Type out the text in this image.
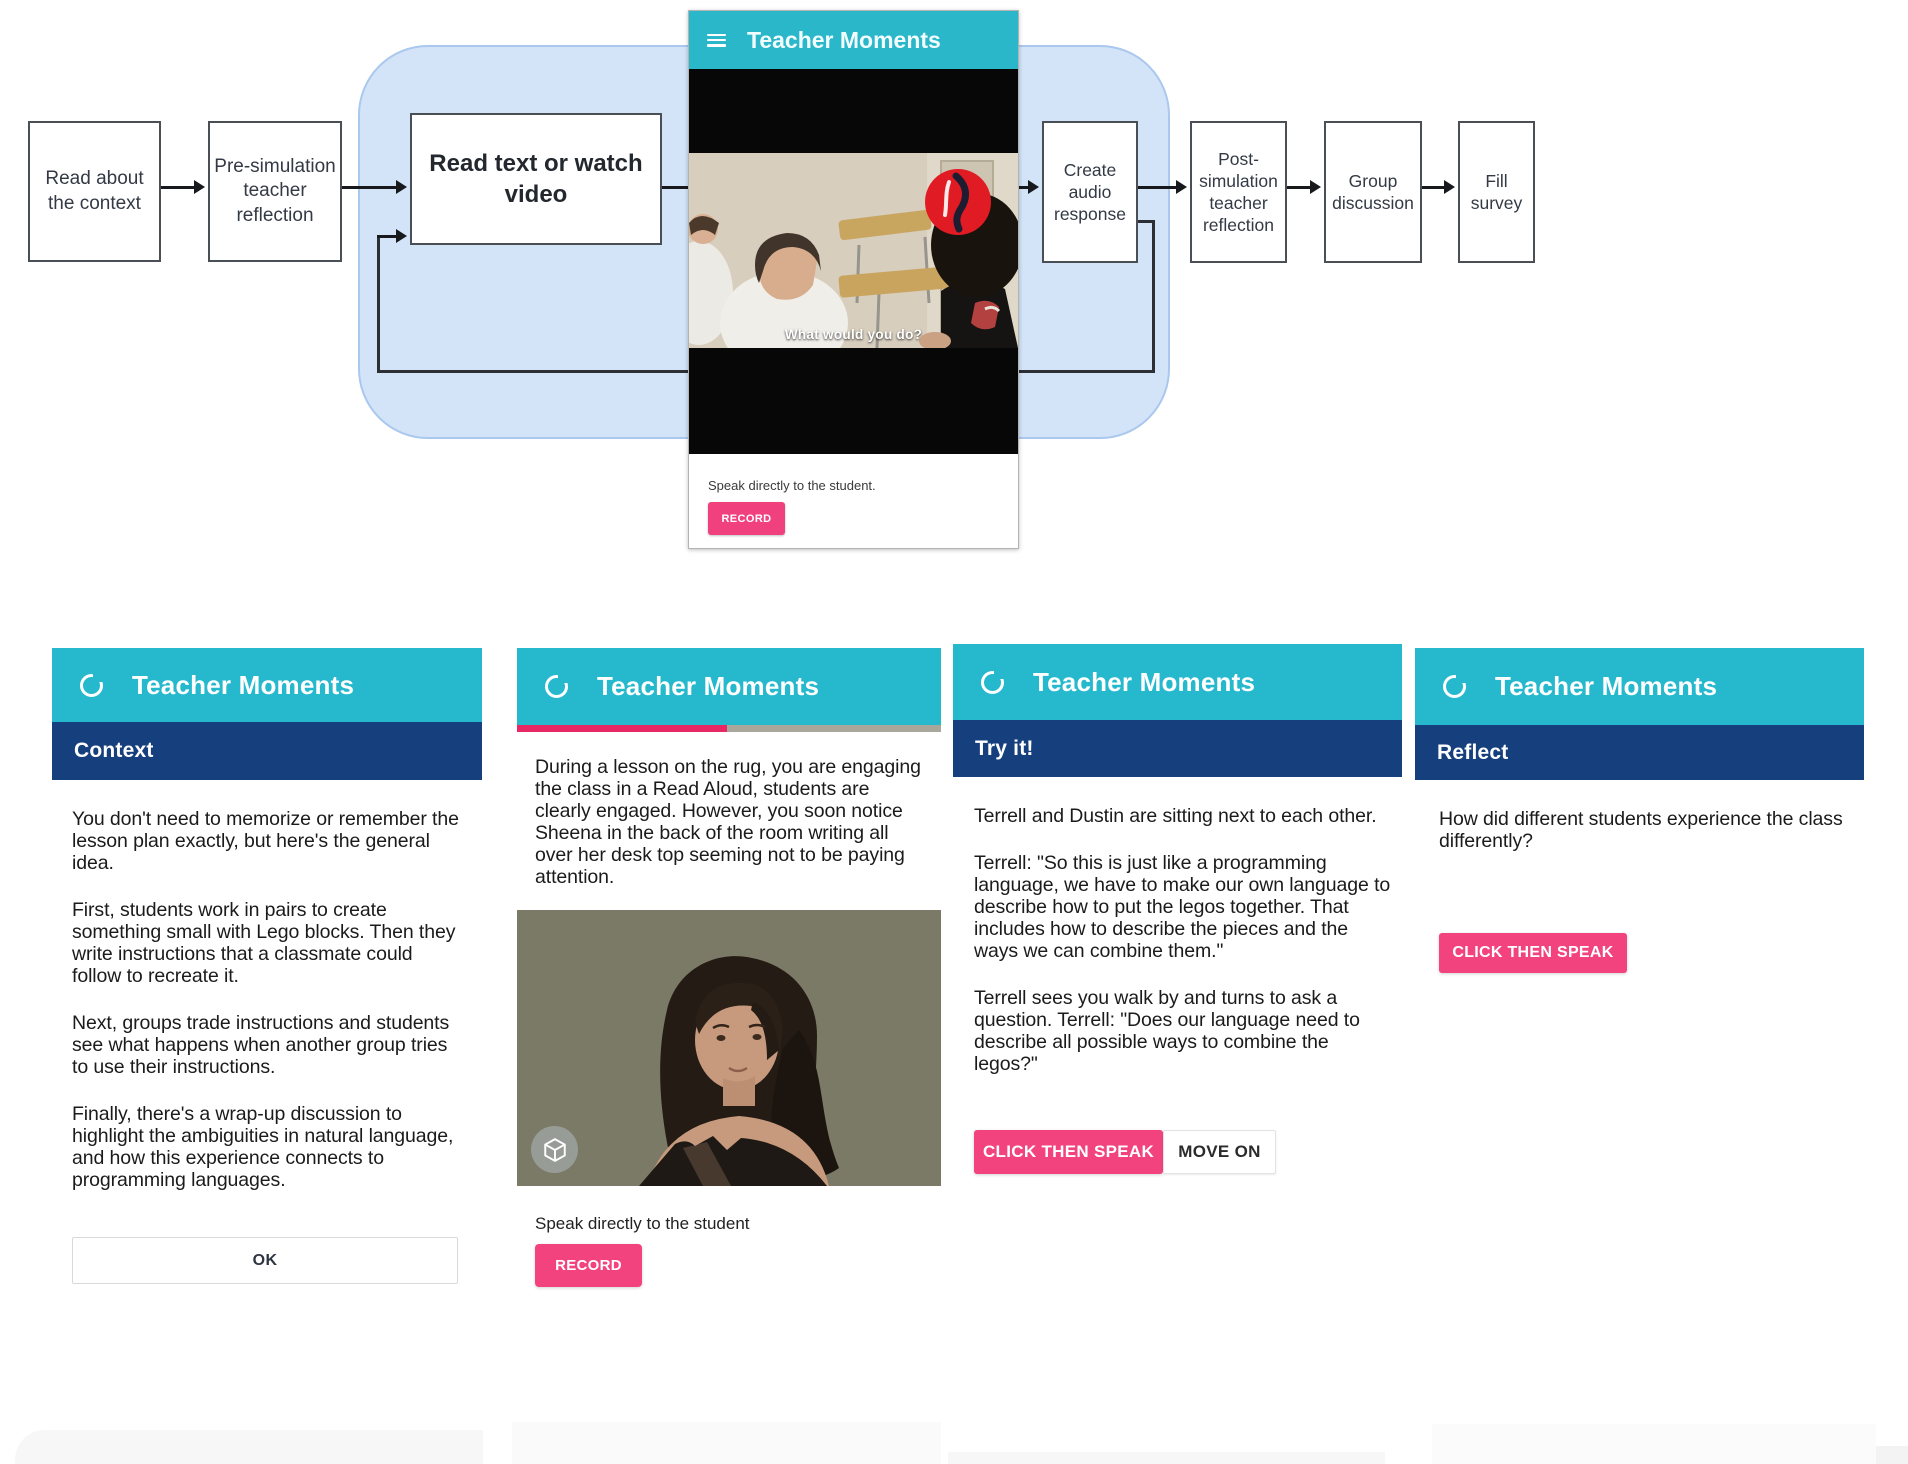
Read about the context
Pre-simulation teacher reflection
Read text or watch video
Create audio response
Post-simulation teacher reflection
Group discussion
Fill survey
Teacher Moments
What would you do?
Speak directly to the student.
RECORD
Teacher Moments
Context

You don't need to memorize or remember the lesson plan exactly, but here's the general idea.

First, students work in pairs to create something small with Lego blocks. Then they write instructions that a classmate could follow to recreate it.

Next, groups trade instructions and students see what happens when another group tries to use their instructions.

Finally, there's a wrap-up discussion to highlight the ambiguities in natural language, and how this experience connects to programming languages.

OK
Teacher Moments

During a lesson on the rug, you are engaging the class in a Read Aloud, students are clearly engaged. However, you soon notice Sheena in the back of the room writing all over her desk top seeming not to be paying attention.

Speak directly to the student
RECORD
Teacher Moments
Try it!

Terrell and Dustin are sitting next to each other.

Terrell: "So this is just like a programming language, we have to make our own language to describe how to put the legos together. That includes how to describe the pieces and the ways we can combine them."

Terrell sees you walk by and turns to ask a question. Terrell: "Does our language need to describe all possible ways to combine the legos?"

CLICK THEN SPEAK	MOVE ON
Teacher Moments
Reflect

How did different students experience the class differently?

CLICK THEN SPEAK
